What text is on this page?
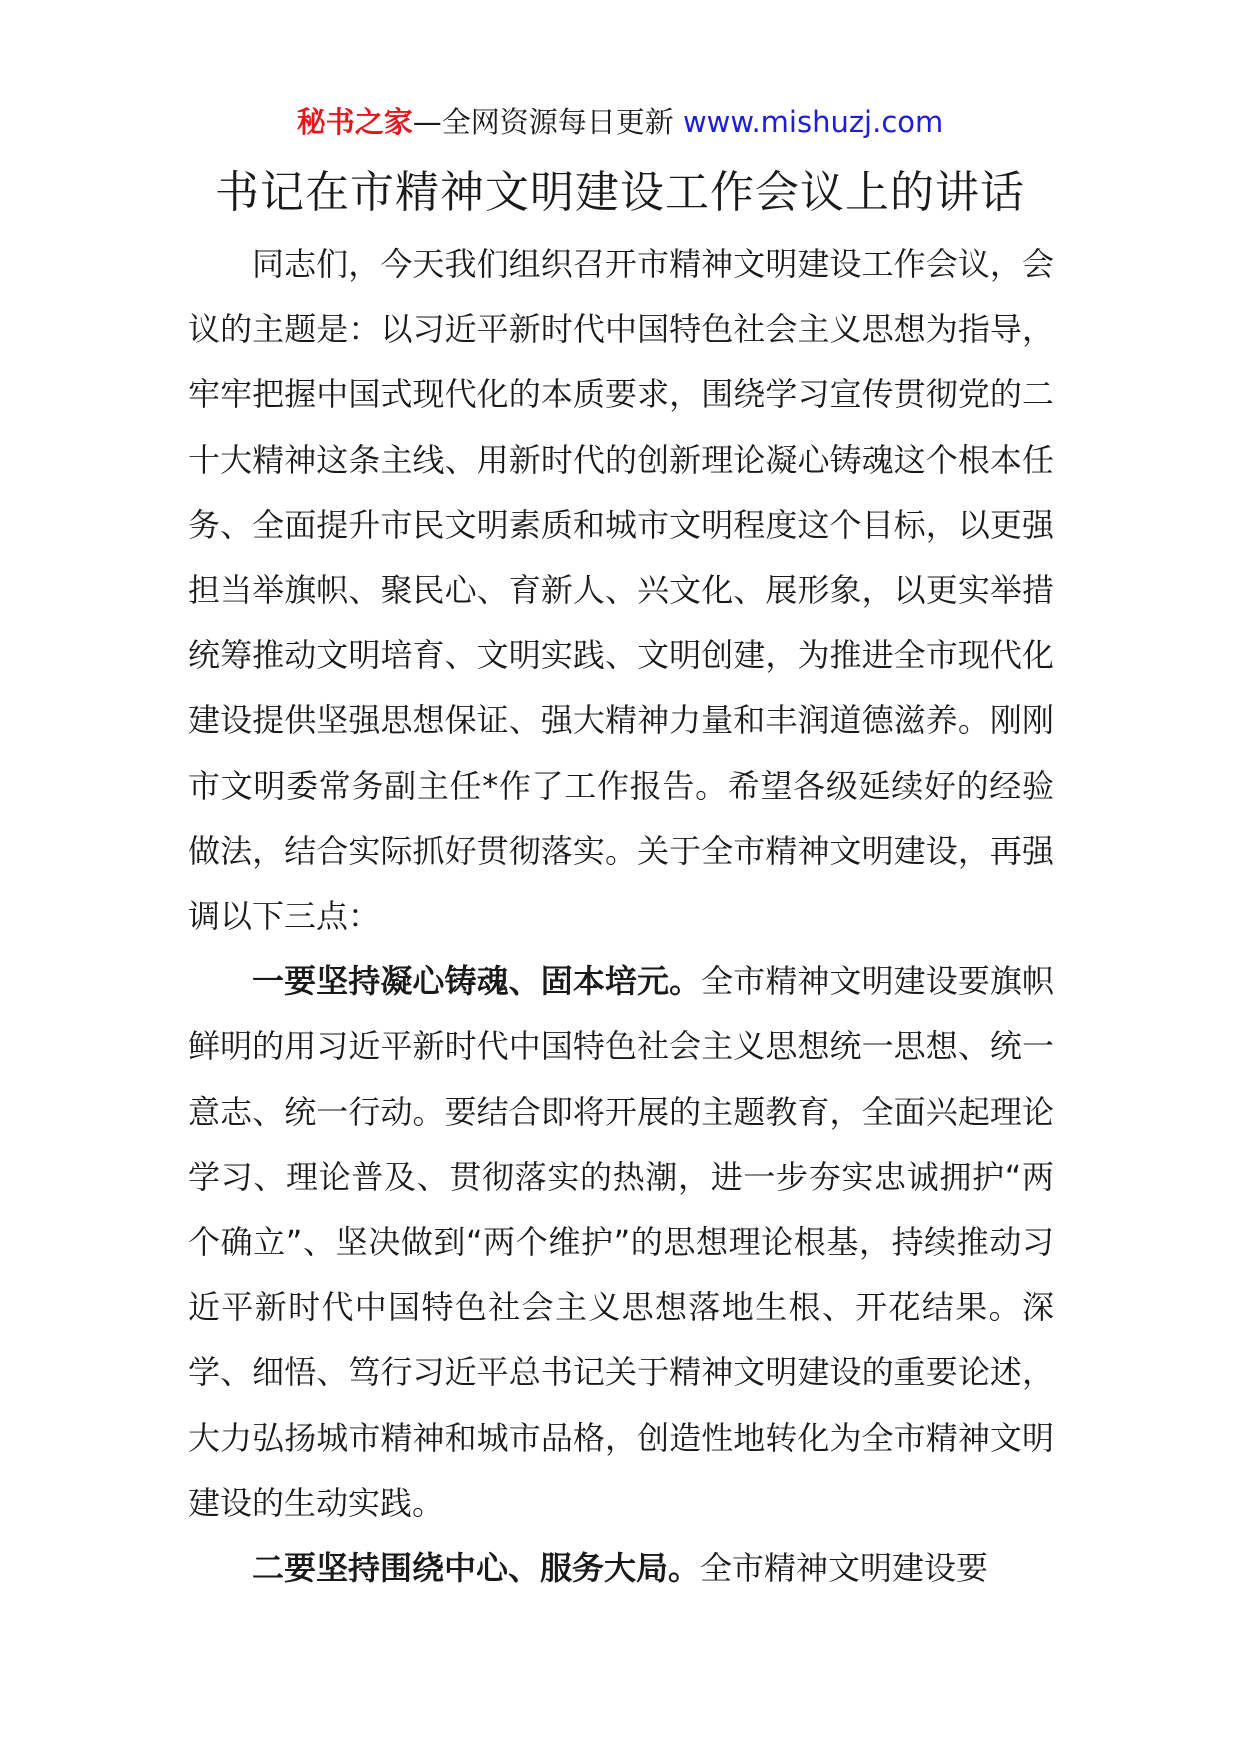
秘书之家—全网资源每日更新 www.mishuzj.com
书记在市精神文明建设工作会议上的讲话

同志们，今天我们组织召开市精神文明建设工作会议，会议的主题是：以习近平新时代中国特色社会主义思想为指导，牢牢把握中国式现代化的本质要求，围绕学习宣传贯彻党的二十大精神这条主线、用新时代的创新理论凝心铸魂这个根本任务、全面提升市民文明素质和城市文明程度这个目标，以更强担当举旗帜、聚民心、育新人、兴文化、展形象，以更实举措统筹推动文明培育、文明实践、文明创建，为推进全市现代化建设提供坚强思想保证、强大精神力量和丰润道德滋养。刚刚市文明委常务副主任*作了工作报告。希望各级延续好的经验做法，结合实际抓好贯彻落实。关于全市精神文明建设，再强调以下三点：

一要坚持凝心铸魂、固本培元。全市精神文明建设要旗帜鲜明的用习近平新时代中国特色社会主义思想统一思想、统一意志、统一行动。要结合即将开展的主题教育，全面兴起理论学习、理论普及、贯彻落实的热潮，进一步夯实忠诚拥护“两个确立”、坚决做到“两个维护”的思想理论根基，持续推动习近平新时代中国特色社会主义思想落地生根、开花结果。深学、细悟、笃行习近平总书记关于精神文明建设的重要论述，大力弘扬城市精神和城市品格，创造性地转化为全市精神文明建设的生动实践。

二要坚持围绕中心、服务大局。全市精神文明建设要
